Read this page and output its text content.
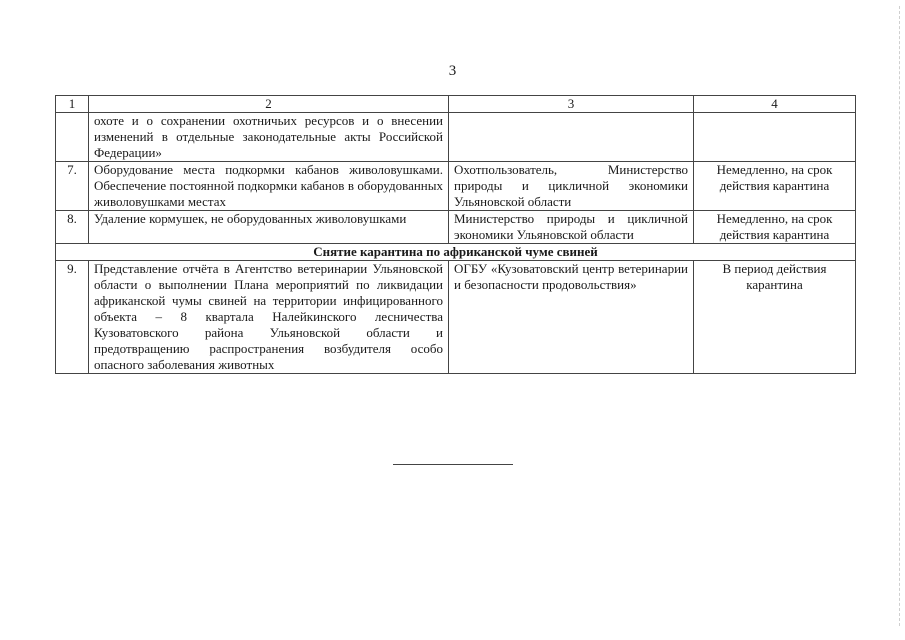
3
1	2	3	4
	охоте и о сохранении охотничьих ресурсов и о внесении изменений в отдельные законодательные акты Российской Федерации»		
7.	Оборудование места подкормки кабанов живоловушками. Обеспечение постоянной подкормки кабанов в оборудованных живоловушками местах	Охотпользователь, Министерство природы и цикличной экономики Ульяновской области	Немедленно, на срок действия карантина
8.	Удаление кормушек, не оборудованных живоловушками	Министерство природы и цикличной экономики Ульяновской области	Немедленно, на срок действия карантина
Снятие карантина по африканской чуме свиней			
9.	Представление отчёта в Агентство ветеринарии Ульяновской области о выполнении Плана мероприятий по ликвидации африканской чумы свиней на территории инфицированного объекта – 8 квартала Налейкинского лесничества Кузоватовского района Ульяновской области и предотвращению распространения возбудителя особо опасного заболевания животных	ОГБУ «Кузоватовский центр ветеринарии и безопасности продовольствия»	В период действия карантина
